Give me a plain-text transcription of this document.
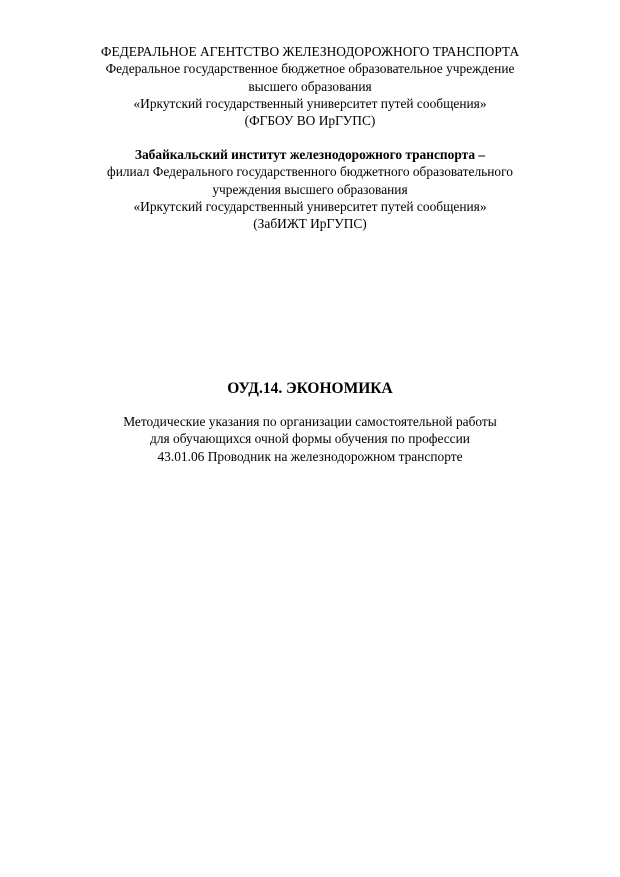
ФЕДЕРАЛЬНОЕ АГЕНТСТВО ЖЕЛЕЗНОДОРОЖНОГО ТРАНСПОРТА
Федеральное государственное бюджетное образовательное учреждение
высшего образования
«Иркутский государственный университет путей сообщения»
(ФГБОУ ВО ИрГУПС)
Забайкальский институт железнодорожного транспорта –
филиал Федерального государственного бюджетного образовательного
учреждения высшего образования
«Иркутский государственный университет путей сообщения»
(ЗабИЖТ ИрГУПС)
ОУД.14. ЭКОНОМИКА
Методические указания по организации самостоятельной работы
для обучающихся очной формы обучения по профессии
43.01.06 Проводник на железнодорожном транспорте
